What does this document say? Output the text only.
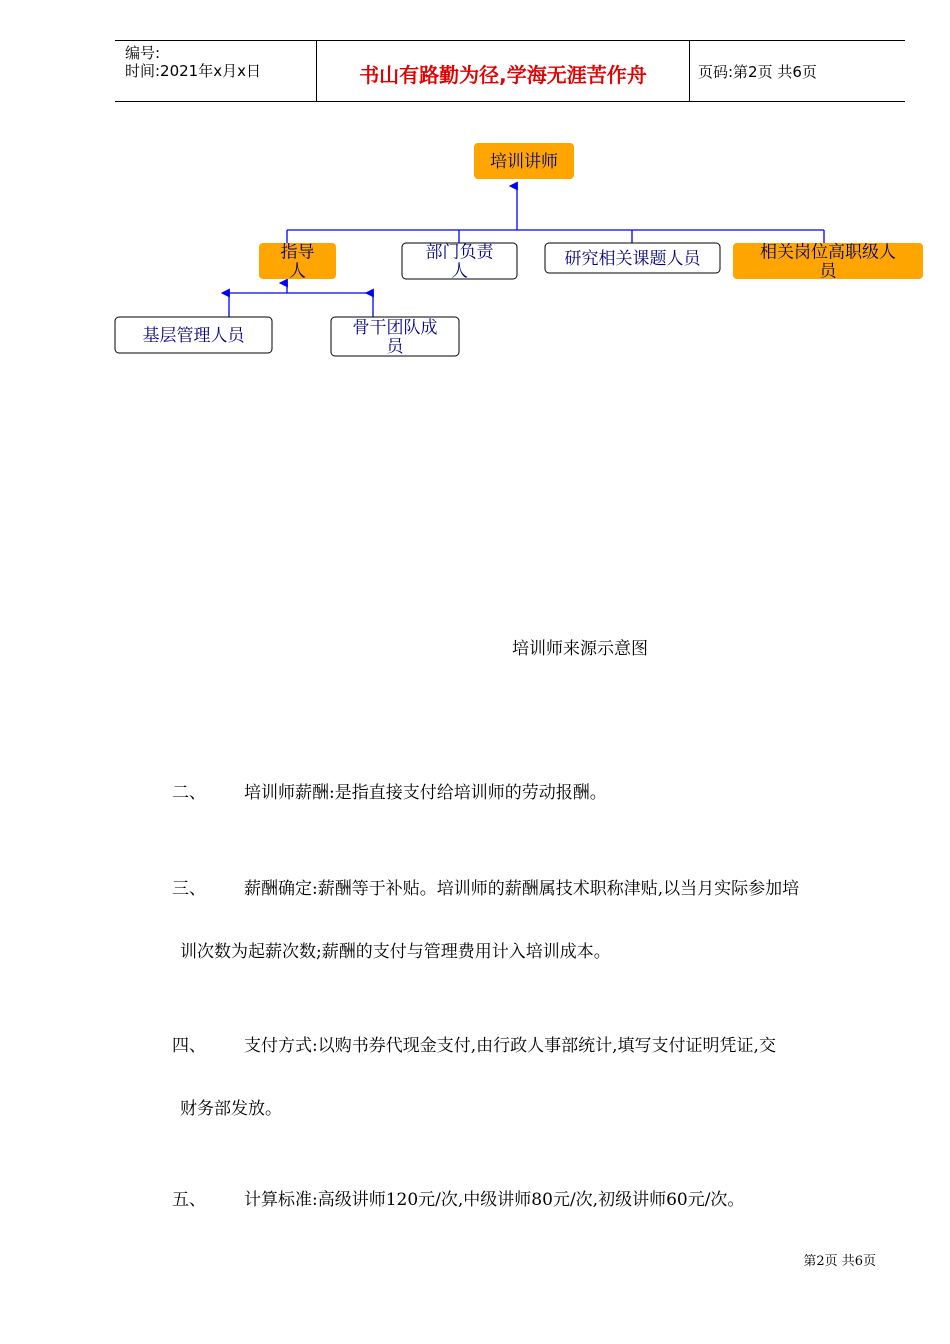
编号:
时间:2021年x月x日	书山有路勤为径,学海无涯苦作舟	页码:第2页 共6页
培训讲师
指导
人
部门负责
人
研究相关课题人员	相关岗位高职级人
员
基层管理人员	骨干团队成
员
培训师来源示意图
二、 培训师薪酬:是指直接支付给培训师的劳动报酬。
三、 薪酬确定:薪酬等于补贴。培训师的薪酬属技术职称津贴,以当月实际参加培
训次数为起薪次数;薪酬的支付与管理费用计入培训成本。
四、 支付方式:以购书券代现金支付,由行政人事部统计,填写支付证明凭证,交
财务部发放。
五、 计算标准:高级讲师120元/次,中级讲师80元/次,初级讲师60元/次。
第2页 共6页
